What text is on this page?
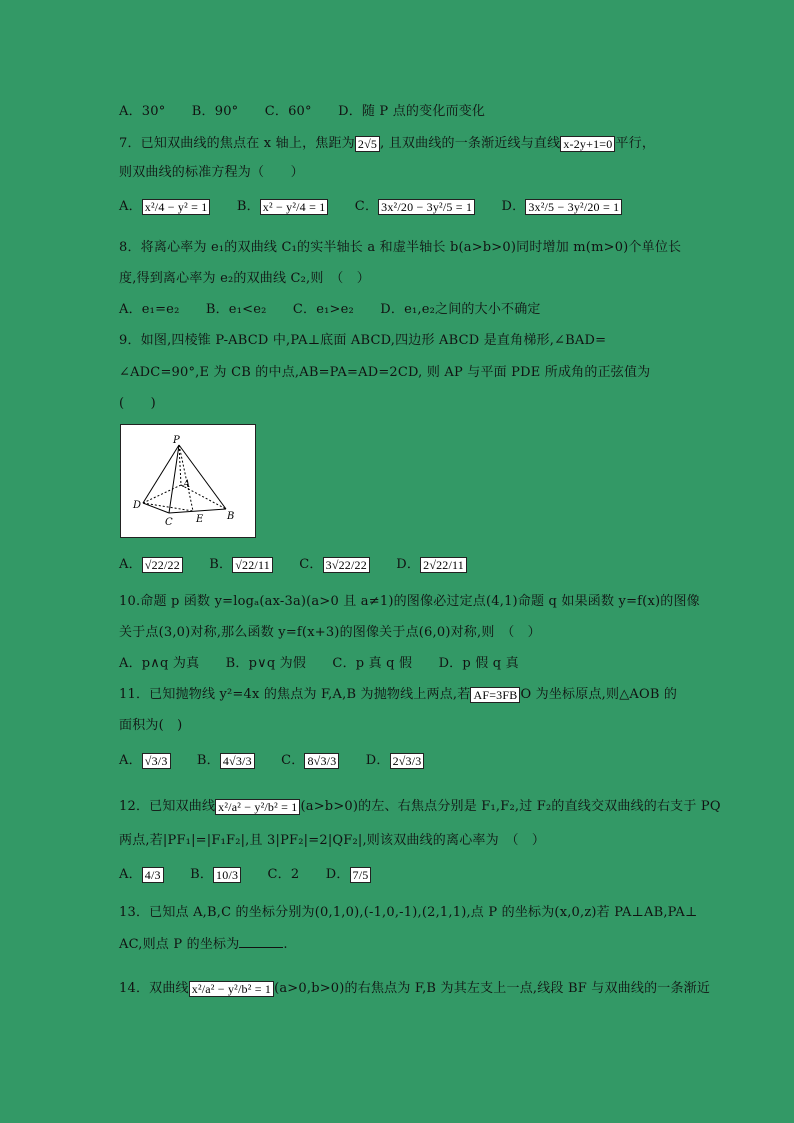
A．30° B．90° C．60° D．随 P 点的变化而变化
7．已知双曲线的焦点在 x 轴上，焦距为 2√5 , 且双曲线的一条渐近线与直线 x-2y+1=0 平行，
则双曲线的标准方程为（　　）
A． x²/4 − y² = 1 B． x² − y²/4 = 1 C． 3x²/20 − 3y²/5 = 1 D． 3x²/5 − 3y²/20 = 1
8．将离心率为 e₁的双曲线 C₁的实半轴长 a 和虚半轴长 b(a>b>0)同时增加 m(m>0)个单位长
度,得到离心率为 e₂的双曲线 C₂,则　（　）
A．e₁=e₂ B．e₁<e₂ C．e₁>e₂ D．e₁,e₂之间的大小不确定
9．如图,四棱锥 P-ABCD 中,PA⊥底面 ABCD,四边形 ABCD 是直角梯形,∠BAD=
∠ADC=90°,E 为 CB 的中点,AB=PA=AD=2CD, 则 AP 与平面 PDE 所成角的正弦值为
(　　)
P
A
B
C
D
E
A． √22/22 B． √22/11 C． 3√22/22 D． 2√22/11
10.命题 p 函数 y=logₐ(ax-3a)(a>0 且 a≠1)的图像必过定点(4,1)命题 q 如果函数 y=f(x)的图像
关于点(3,0)对称,那么函数 y=f(x+3)的图像关于点(6,0)对称,则　（　）
A．p∧q 为真 B．p∨q 为假 C．p 真 q 假 D．p 假 q 真
11．已知抛物线 y²=4x 的焦点为 F,A,B 为抛物线上两点,若 AF=3FB O 为坐标原点,则△AOB 的
面积为(　)
A． √3/3 B． 4√3/3 C． 8√3/3 D． 2√3/3
12．已知双曲线 x²/a² − y²/b² = 1 (a>b>0)的左、右焦点分别是 F₁,F₂,过 F₂的直线交双曲线的右支于 PQ
两点,若|PF₁|=|F₁F₂|,且 3|PF₂|=2|QF₂|,则该双曲线的离心率为　（　）
A． 4/3 B． 10/3 C．2 D． 7/5
13．已知点 A,B,C 的坐标分别为(0,1,0),(-1,0,-1),(2,1,1),点 P 的坐标为(x,0,z)若 PA⊥AB,PA⊥
AC,则点 P 的坐标为	.
14．双曲线 x²/a² − y²/b² = 1 (a>0,b>0)的右焦点为 F,B 为其左支上一点,线段 BF 与双曲线的一条渐近
